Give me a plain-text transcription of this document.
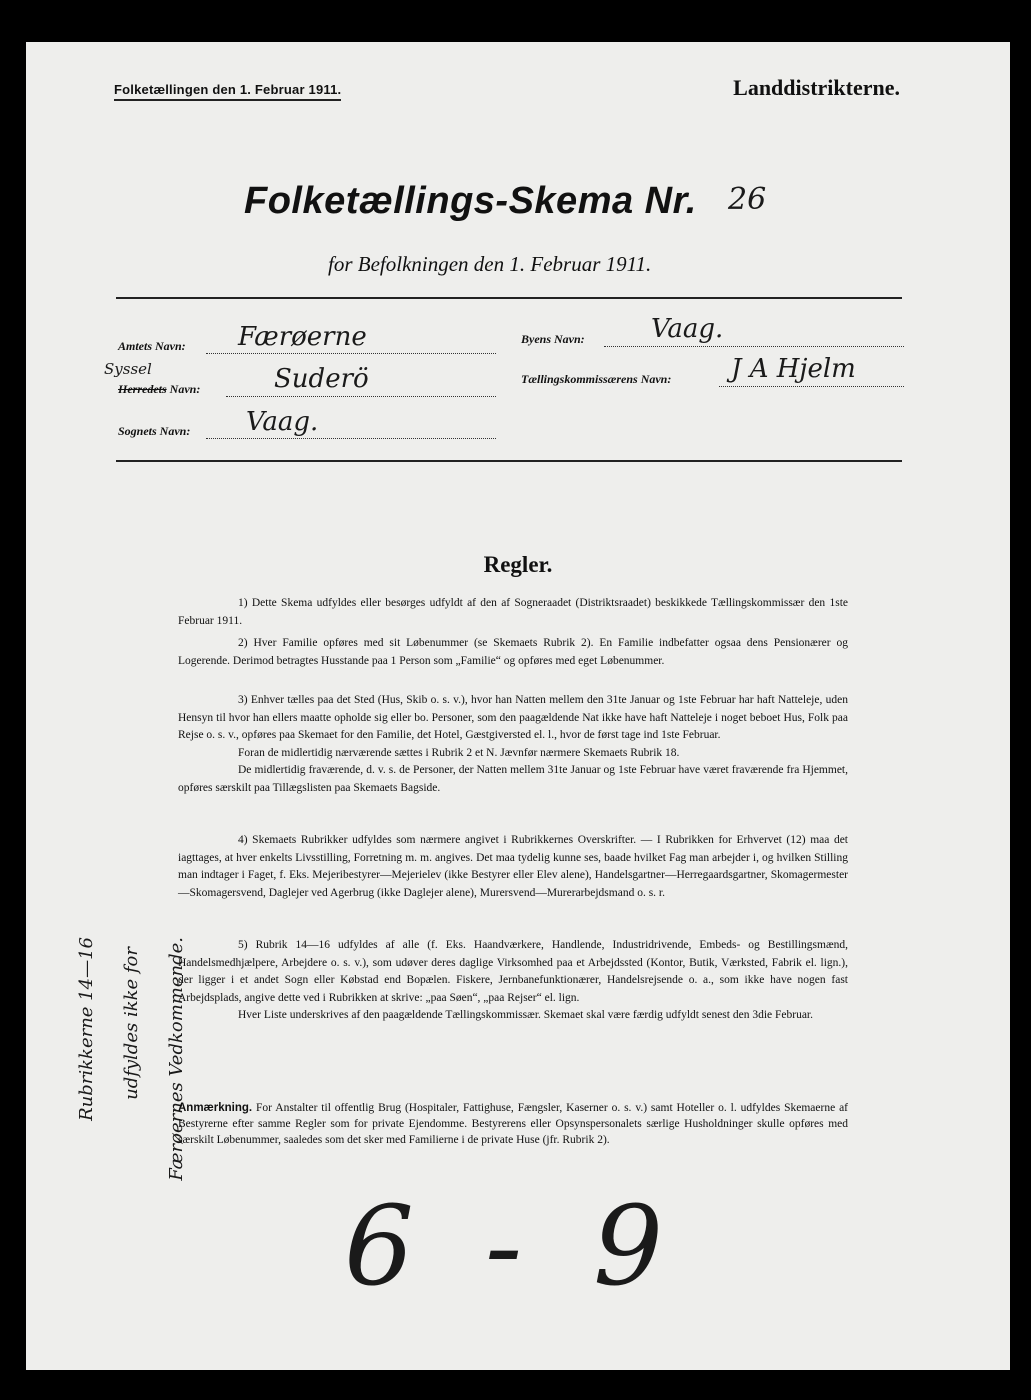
Folketællingen den 1. Februar 1911.	Landdistrikterne.
Folketællings-Skema Nr. 26
for Befolkningen den 1. Februar 1911.
Amtets Navn: Færøerne	Byens Navn:	Vaag.
Syssel
Herredets Navn:	Suderö	Tællingskommissærens Navn: J A Hjelm
Sognets Navn: Vaag.
Regler.

1) Dette Skema udfyldes eller besørges udfyldt af den af Sogneraadet (Distriktsraadet) beskikkede Tællingskommissær den 1ste Februar 1911.

2) Hver Familie opføres med sit Løbenummer (se Skemaets Rubrik 2). En Familie indbefatter ogsaa dens Pensionærer og Logerende. Derimod betragtes Husstande paa 1 Person som „Familie“ og opføres med eget Løbenummer.

3) Enhver tælles paa det Sted (Hus, Skib o. s. v.), hvor han Natten mellem den 31te Januar og 1ste Februar har haft Natteleje, uden Hensyn til hvor han ellers maatte opholde sig eller bo. Personer, som den paagældende Nat ikke have haft Natteleje i noget beboet Hus, Folk paa Rejse o. s. v., opføres paa Skemaet for den Familie, det Hotel, Gæstgiversted el. l., hvor de først tage ind 1ste Februar.

Foran de midlertidig nærværende sættes i Rubrik 2 et N. Jævnfør nærmere Skemaets Rubrik 18.

De midlertidig fraværende, d. v. s. de Personer, der Natten mellem 31te Januar og 1ste Februar have været fraværende fra Hjemmet, opføres særskilt paa Tillægslisten paa Skemaets Bagside.

4) Skemaets Rubrikker udfyldes som nærmere angivet i Rubrikkernes Overskrifter. — I Rubrikken for Erhvervet (12) maa det iagttages, at hver enkelts Livsstilling, Forretning m. m. angives. Det maa tydelig kunne ses, baade hvilket Fag man arbejder i, og hvilken Stilling man indtager i Faget, f. Eks. Mejeribestyrer—Mejerielev (ikke Bestyrer eller Elev alene), Handelsgartner—Herregaardsgartner, Skomagermester—Skomagersvend, Daglejer ved Agerbrug (ikke Daglejer alene), Murersvend—Murerarbejdsmand o. s. r.

5) Rubrik 14—16 udfyldes af alle (f. Eks. Haandværkere, Handlende, Industridrivende, Embeds- og Bestillingsmænd, Handelsmedhjælpere, Arbejdere o. s. v.), som udøver deres daglige Virksomhed paa et Arbejdssted (Kontor, Butik, Værksted, Fabrik el. lign.), der ligger i et andet Sogn eller Købstad end Bopælen. Fiskere, Jernbanefunktionærer, Handelsrejsende o. a., som ikke have nogen fast Arbejdsplads, angive dette ved i Rubrikken at skrive: „paa Søen“, „paa Rejser“ el. lign.

Hver Liste underskrives af den paagældende Tællingskommissær. Skemaet skal være færdig udfyldt senest den 3die Februar.

Rubrikkerne 14—16 udfyldes ikke for Færøernes Vedkommende.
Anmærkning. For Anstalter til offentlig Brug (Hospitaler, Fattighuse, Fængsler, Kaserner o. s. v.) samt Hoteller o. l. udfyldes Skemaerne af Bestyrerne efter samme Regler som for private Ejendomme. Bestyrerens eller Opsynspersonalets særlige Husholdninger skulle opføres med særskilt Løbenummer, saaledes som det sker med Familierne i de private Huse (jfr. Rubrik 2).
6 - 9
